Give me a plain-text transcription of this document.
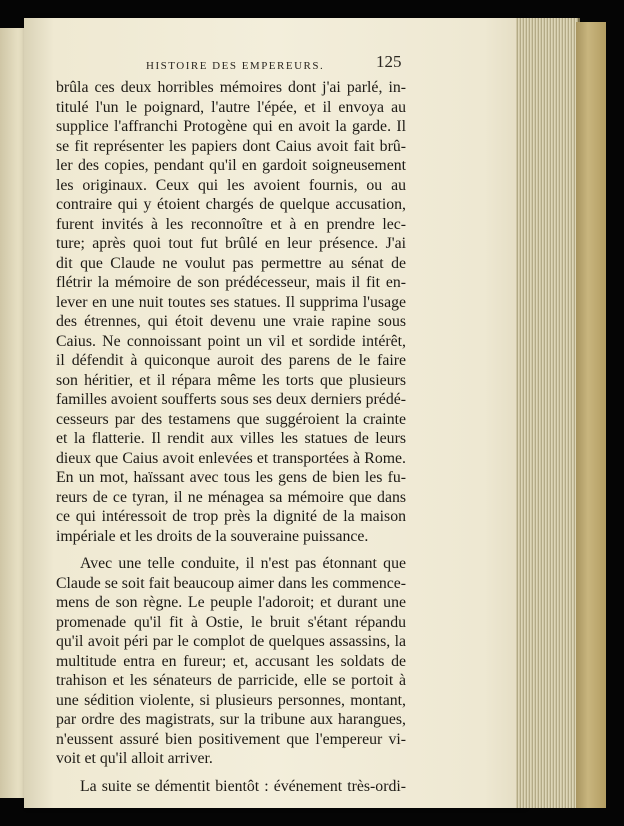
HISTOIRE DES EMPEREURS.	125
brûla ces deux horribles mémoires dont j'ai parlé, in-
titulé l'un le poignard, l'autre l'épée, et il envoya au
supplice l'affranchi Protogène qui en avoit la garde. Il
se fit représenter les papiers dont Caius avoit fait brû-
ler des copies, pendant qu'il en gardoit soigneusement
les originaux. Ceux qui les avoient fournis, ou au
contraire qui y étoient chargés de quelque accusation,
furent invités à les reconnoître et à en prendre lec-
ture; après quoi tout fut brûlé en leur présence. J'ai
dit que Claude ne voulut pas permettre au sénat de
flétrir la mémoire de son prédécesseur, mais il fit en-
lever en une nuit toutes ses statues. Il supprima l'usage
des étrennes, qui étoit devenu une vraie rapine sous
Caius. Ne connoissant point un vil et sordide intérêt,
il défendit à quiconque auroit des parens de le faire
son héritier, et il répara même les torts que plusieurs
familles avoient soufferts sous ses deux derniers prédé-
cesseurs par des testamens que suggéroient la crainte
et la flatterie. Il rendit aux villes les statues de leurs
dieux que Caius avoit enlevées et transportées à Rome.
En un mot, haïssant avec tous les gens de bien les fu-
reurs de ce tyran, il ne ménagea sa mémoire que dans
ce qui intéressoit de trop près la dignité de la maison
impériale et les droits de la souveraine puissance.
Avec une telle conduite, il n'est pas étonnant que
Claude se soit fait beaucoup aimer dans les commence-
mens de son règne. Le peuple l'adoroit; et durant une
promenade qu'il fit à Ostie, le bruit s'étant répandu
qu'il avoit péri par le complot de quelques assassins, la
multitude entra en fureur; et, accusant les soldats de
trahison et les sénateurs de parricide, elle se portoit à
une sédition violente, si plusieurs personnes, montant,
par ordre des magistrats, sur la tribune aux harangues,
n'eussent assuré bien positivement que l'empereur vi-
voit et qu'il alloit arriver.
La suite se démentit bientôt : événement très-ordi-
